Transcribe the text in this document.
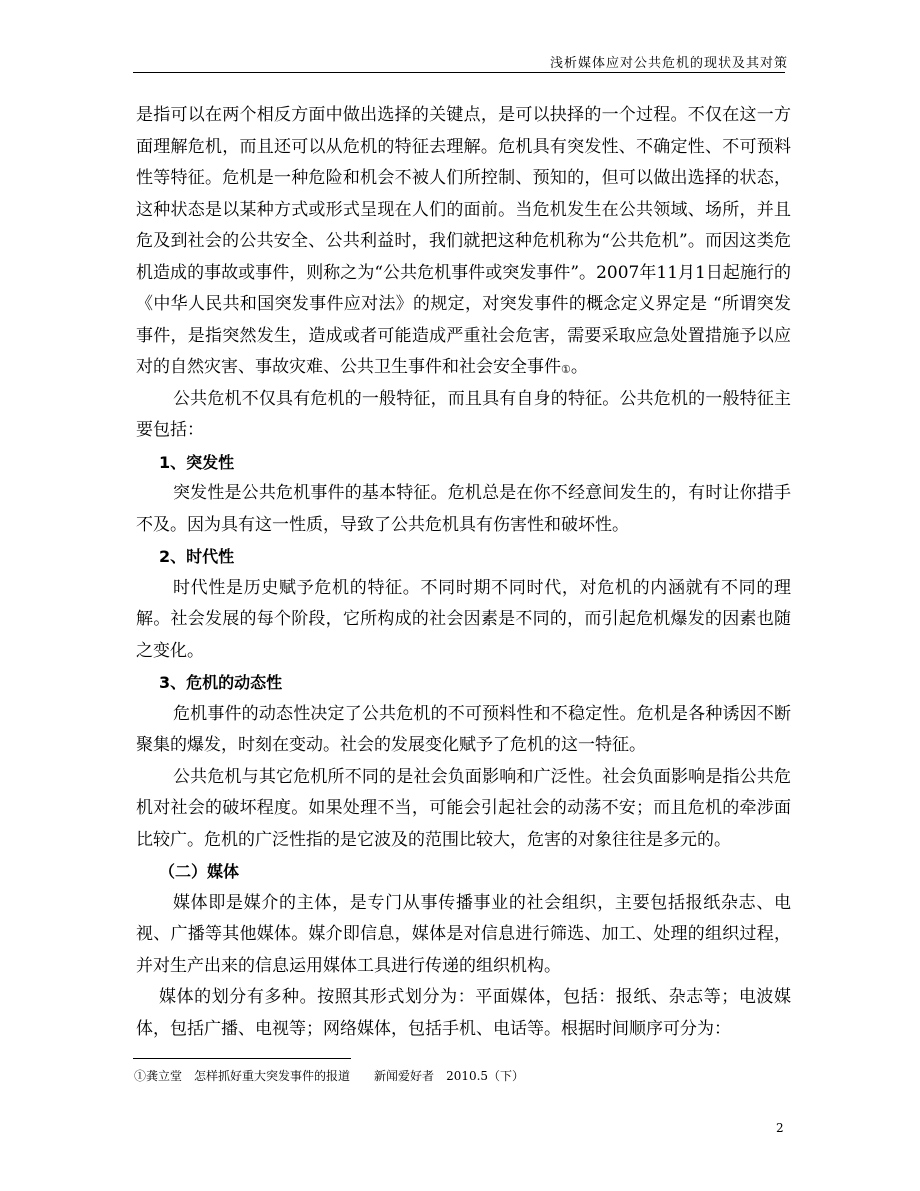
浅析媒体应对公共危机的现状及其对策

是指可以在两个相反方面中做出选择的关键点，是可以抉择的一个过程。不仅在这一方面理解危机，而且还可以从危机的特征去理解。危机具有突发性、不确定性、不可预料性等特征。危机是一种危险和机会不被人们所控制、预知的，但可以做出选择的状态，这种状态是以某种方式或形式呈现在人们的面前。当危机发生在公共领域、场所，并且危及到社会的公共安全、公共利益时，我们就把这种危机称为“公共危机”。而因这类危机造成的事故或事件，则称之为“公共危机事件或突发事件”。2007年11月1日起施行的《中华人民共和国突发事件应对法》的规定，对突发事件的概念定义界定是 “所谓突发事件，是指突然发生，造成或者可能造成严重社会危害，需要采取应急处置措施予以应对的自然灾害、事故灾难、公共卫生事件和社会安全事件①。

公共危机不仅具有危机的一般特征，而且具有自身的特征。公共危机的一般特征主要包括：

1、突发性

突发性是公共危机事件的基本特征。危机总是在你不经意间发生的，有时让你措手不及。因为具有这一性质，导致了公共危机具有伤害性和破坏性。

2、时代性

时代性是历史赋予危机的特征。不同时期不同时代，对危机的内涵就有不同的理解。社会发展的每个阶段，它所构成的社会因素是不同的，而引起危机爆发的因素也随之变化。

3、危机的动态性

危机事件的动态性决定了公共危机的不可预料性和不稳定性。危机是各种诱因不断聚集的爆发，时刻在变动。社会的发展变化赋予了危机的这一特征。

公共危机与其它危机所不同的是社会负面影响和广泛性。社会负面影响是指公共危机对社会的破坏程度。如果处理不当，可能会引起社会的动荡不安；而且危机的牵涉面比较广。危机的广泛性指的是它波及的范围比较大，危害的对象往往是多元的。

（二）媒体

媒体即是媒介的主体，是专门从事传播事业的社会组织，主要包括报纸杂志、电视、广播等其他媒体。媒介即信息，媒体是对信息进行筛选、加工、处理的组织过程，并对生产出来的信息运用媒体工具进行传递的组织机构。

媒体的划分有多种。按照其形式划分为：平面媒体，包括：报纸、杂志等；电波媒体，包括广播、电视等；网络媒体，包括手机、电话等。根据时间顺序可分为：

①龚立堂 怎样抓好重大突发事件的报道 新闻爱好者 2010.5（下）
2
